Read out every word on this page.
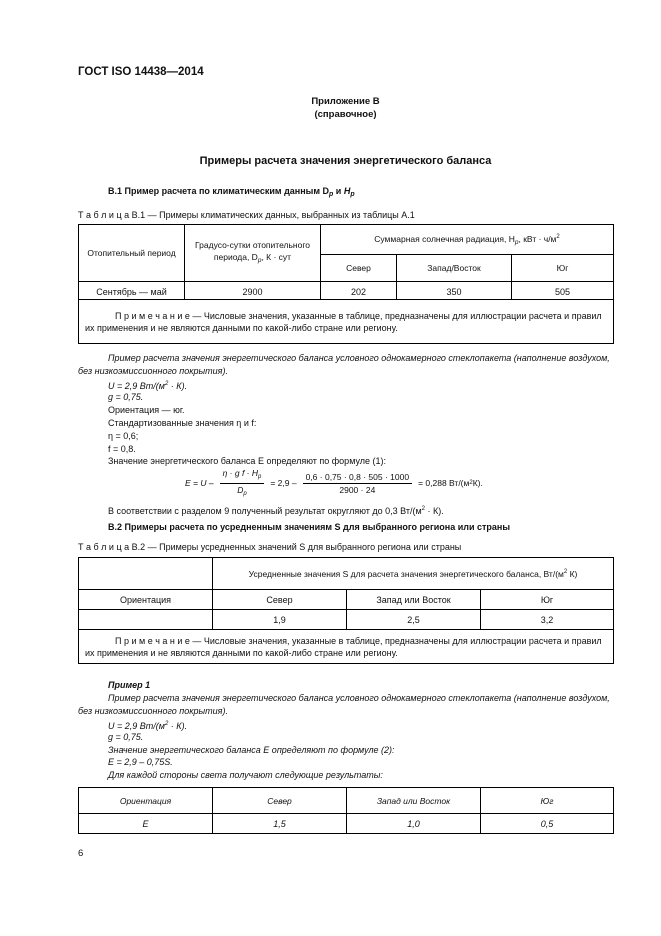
ГОСТ ISO 14438—2014
Приложение В
(справочное)
Примеры расчета значения энергетического баланса
В.1 Пример расчета по климатическим данным $D_p$ и $H_p$
Т а б л и ц а В.1 — Примеры климатических данных, выбранных из таблицы А.1
Отопительный период	Градусо-сутки отопительного периода, $D_p$, К · сут	Суммарная солнечная радиация, $H_p$, кВт · $ч/м^2$
		Север	Запад/Восток	Юг

Сентябрь — май	2900	202	350	505
П р и м е ч а н и е — Числовые значения, указанные в таблице, предназначены для иллюстрации расчета и правил их применения и не являются данными по какой-либо стране или региону.				
Пример расчета значения энергетического баланса условного однокамерного стеклопакета (наполнение воздухом, без низкоэмиссионного покрытия).
U = 2,9 $Вт/(м^2 \cdot К)$.
g = 0,75.
Ориентация — юг.
Стандартизованные значения η и f:
η = 0,6;
f = 0,8.
Значение энергетического баланса E определяют по формуле (1):
$E = U - \frac{\eta \cdot g f \cdot H_p}{D_p} = 2,9 - \frac{0,6 \cdot 0,75 \cdot 0,8 \cdot 505 \cdot 1000}{2900 \cdot 24} = 0,288$ Вт/(м 2 К).
В соответствии с разделом 9 полученный результат округляют до 0,3 $Вт/(м^2 \cdot К)$.
В.2 Примеры расчета по усредненным значениям S для выбранного региона или страны
Т а б л и ц а В.2 — Примеры усредненных значений S для выбранного региона или страны
	Усредненные значения S для расчета значения энергетического баланса, $Вт/(м^2$ К)		
Ориентация	Север	Запад или Восток	Юг
	1,9	2,5	3,2
П р и м е ч а н и е — Числовые значения, указанные в таблице, предназначены для иллюстрации расчета и правил их применения и не являются данными по какой-либо стране или региону.			
Пример 1
Пример расчета значения энергетического баланса условного однокамерного стеклопакета (наполнение воздухом, без низкоэмиссионного покрытия).
U = 2,9 $Вт/(м^2 \cdot К)$.
g = 0,75.
Значение энергетического баланса E определяют по формуле (2):
E = 2,9 – 0,75S.
Для каждой стороны света получают следующие результаты:
Ориентация	Север	Запад или Восток	Юг
E	1,5	1,0	0,5
6
